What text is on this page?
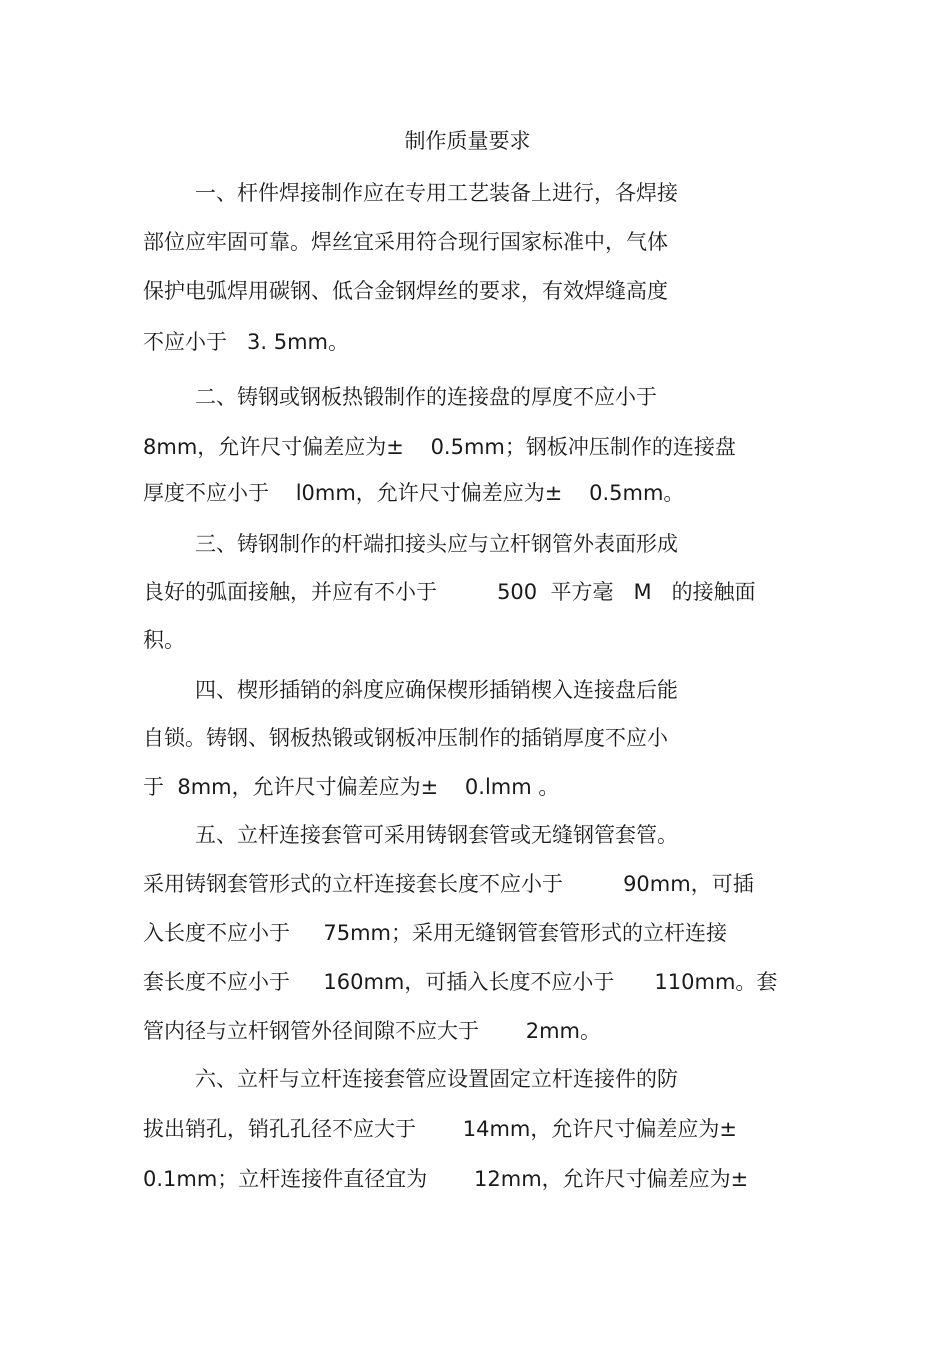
制作质量要求
一、杆件焊接制作应在专用工艺装备上进行，各焊接
部位应牢固可靠。焊丝宜采用符合现行国家标准中，气体
保护电弧焊用碳钢、低合金钢焊丝的要求，有效焊缝高度
不应小于   3. 5mm。
二、铸钢或钢板热锻制作的连接盘的厚度不应小于
8mm，允许尺寸偏差应为±    0.5mm；钢板冲压制作的连接盘
厚度不应小于    l0mm，允许尺寸偏差应为±    0.5mm。
三、铸钢制作的杆端扣接头应与立杆钢管外表面形成
良好的弧面接触，并应有不小于         500  平方毫   M   的接触面
积。
四、楔形插销的斜度应确保楔形插销楔入连接盘后能
自锁。铸钢、钢板热锻或钢板冲压制作的插销厚度不应小
于  8mm，允许尺寸偏差应为±    0.lmm 。
五、立杆连接套管可采用铸钢套管或无缝钢管套管。
采用铸钢套管形式的立杆连接套长度不应小于         90mm，可插
入长度不应小于     75mm；采用无缝钢管套管形式的立杆连接
套长度不应小于     160mm，可插入长度不应小于      110mm。套
管内径与立杆钢管外径间隙不应大于       2mm。
六、立杆与立杆连接套管应设置固定立杆连接件的防
拔出销孔，销孔孔径不应大于       14mm，允许尺寸偏差应为±
0.1mm；立杆连接件直径宜为       12mm，允许尺寸偏差应为±
